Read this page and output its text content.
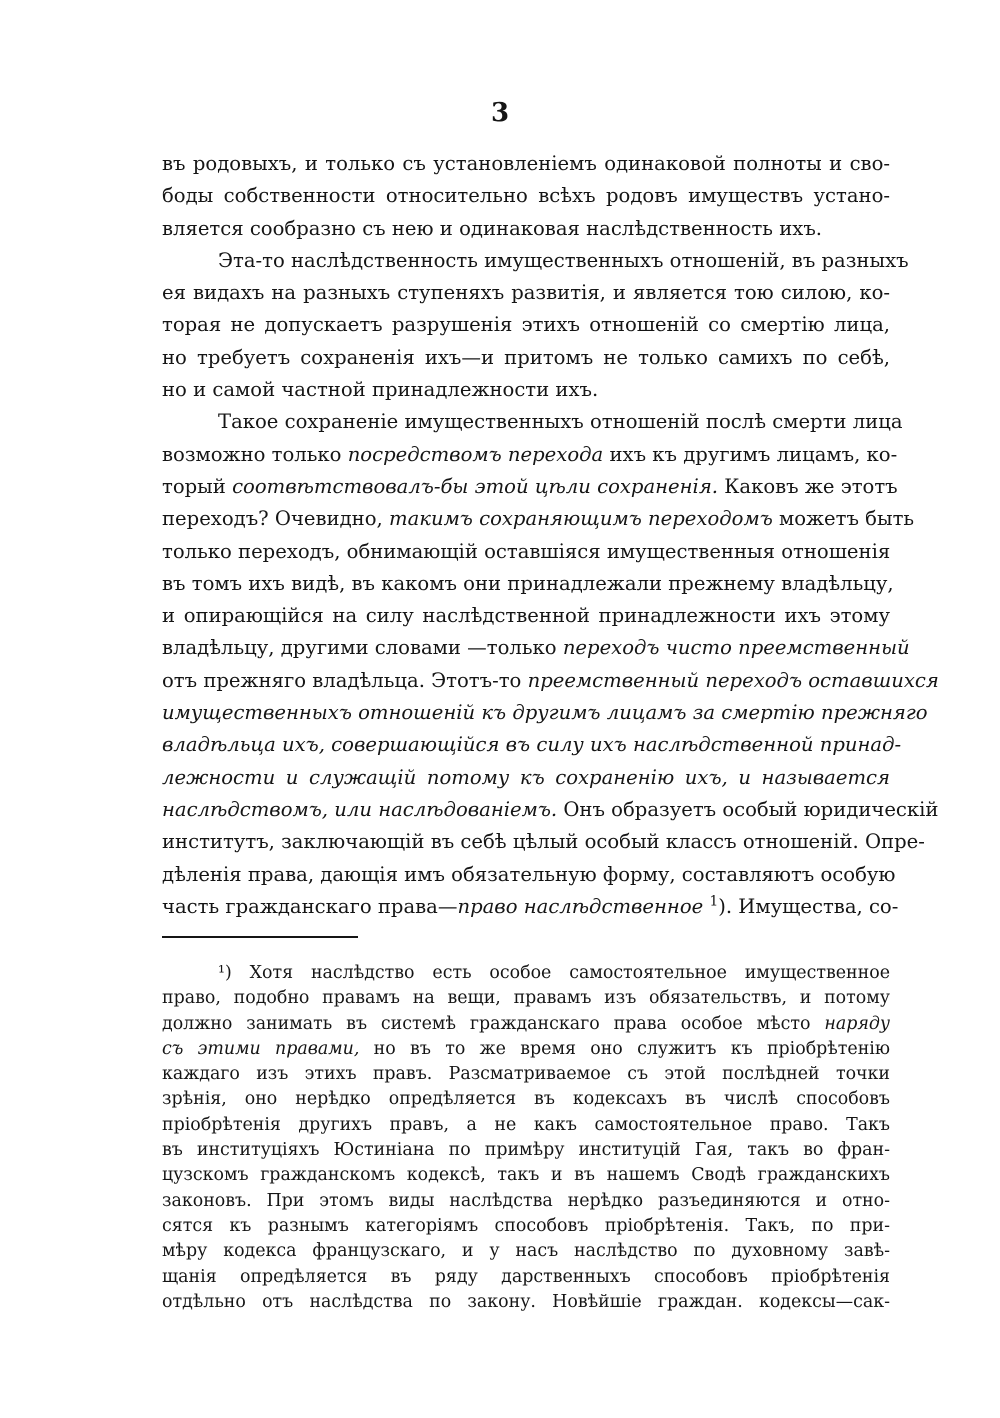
3
въ родовыхъ, и только съ установленіемъ одинаковой полноты и сво-
боды собственности относительно всѣхъ родовъ имуществъ устано-
вляется сообразно съ нею и одинаковая наслѣдственность ихъ.
Эта-то наслѣдственность имущественныхъ отношеній, въ разныхъ
ея видахъ на разныхъ ступеняхъ развитія, и является тою силою, ко-
торая не допускаетъ разрушенія этихъ отношеній со смертію лица,
но требуетъ сохраненія ихъ—и притомъ не только самихъ по себѣ,
но и самой частной принадлежности ихъ.
Такое сохраненіе имущественныхъ отношеній послѣ смерти лица
возможно только посредствомъ перехода ихъ къ другимъ лицамъ, ко-
торый соотвѣтствовалъ-бы этой цѣли сохраненія. Каковъ же этотъ
переходъ? Очевидно, такимъ сохраняющимъ переходомъ можетъ быть
только переходъ, обнимающій оставшіяся имущественныя отношенія
въ томъ ихъ видѣ, въ какомъ они принадлежали прежнему владѣльцу,
и опирающійся на силу наслѣдственной принадлежности ихъ этому
владѣльцу, другими словами —только переходъ чисто преемственный
отъ прежняго владѣльца. Этотъ-то преемственный переходъ оставшихся
имущественныхъ отношеній къ другимъ лицамъ за смертію прежняго
владѣльца ихъ, совершающійся въ силу ихъ наслѣдственной принад-
лежности и служащій потому къ сохраненію ихъ, и называется
наслѣдствомъ, или наслѣдованіемъ. Онъ образуетъ особый юридическій
институтъ, заключающій въ себѣ цѣлый особый классъ отношеній. Опре-
дѣленія права, дающія имъ обязательную форму, составляютъ особую
часть гражданскаго права—право наслѣдственное $^1$). Имущества, со-
¹) Хотя наслѣдство есть особое самостоятельное имущественное
право, подобно правамъ на вещи, правамъ изъ обязательствъ, и потому
должно занимать въ системѣ гражданскаго права особое мѣсто наряду
съ этими правами, но въ то же время оно служитъ къ пріобрѣтенію
каждаго изъ этихъ правъ. Разсматриваемое съ этой послѣдней точки
зрѣнія, оно нерѣдко опредѣляется въ кодексахъ въ числѣ способовъ
пріобрѣтенія другихъ правъ, а не какъ самостоятельное право. Такъ
въ институціяхъ Юстиніана по примѣру институцій Гая, такъ во фран-
цузскомъ гражданскомъ кодексѣ, такъ и въ нашемъ Сводѣ гражданскихъ
законовъ. При этомъ виды наслѣдства нерѣдко разъединяются и отно-
сятся къ разнымъ категоріямъ способовъ пріобрѣтенія. Такъ, по при-
мѣру кодекса французскаго, и у насъ наслѣдство по духовному завѣ-
щанія опредѣляется въ ряду дарственныхъ способовъ пріобрѣтенія
отдѣльно отъ наслѣдства по закону. Новѣйшіе граждан. кодексы—сак-
